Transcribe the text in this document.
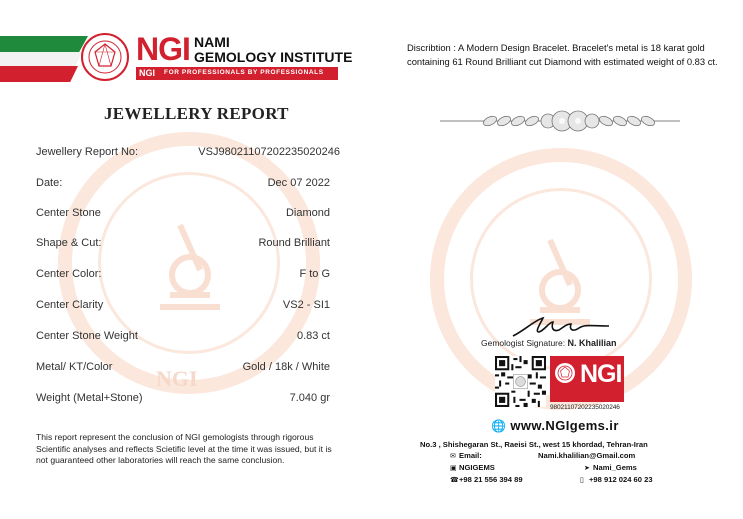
NGI
NGI NAMI
GEMOLOGY INSTITUTE
NGI FOR PROFESSIONALS BY PROFESSIONALS
JEWELLERY REPORT
Jewellery Report No:	VSJ98021107202235020246
Date:	Dec 07 2022
Center Stone	Diamond
Shape & Cut:	Round Brilliant
Center Color:	F to G
Center Clarity	VS2 - SI1
Center Stone Weight	0.83 ct
Metal/ KT/Color	Gold / 18k / White
Weight (Metal+Stone)	7.040 gr
This report represent the conclusion of NGI gemologists through rigorous Scientific analyses and reflects Scietific level at the time it was issued, but it is not guaranteed other laboratories will reach the same conclusion.
Discribtion : A Modern Design Bracelet. Bracelet's metal is 18 karat gold containing 61 Round Brilliant cut Diamond with estimated weight of 0.83 ct.
Gemologist Signature: N. Khalilian
NGI
98021107202235020246
🌐 www.NGIgems.ir
No.3 , Shishegaran St., Raeisi St., west 15 khordad, Tehran-Iran
✉ Email:	Nami.khalilian@Gmail.com
▣ NGIGEMS	➤ Nami_Gems
☎+98 21 556 394 89	▯ +98 912 024 60 23
